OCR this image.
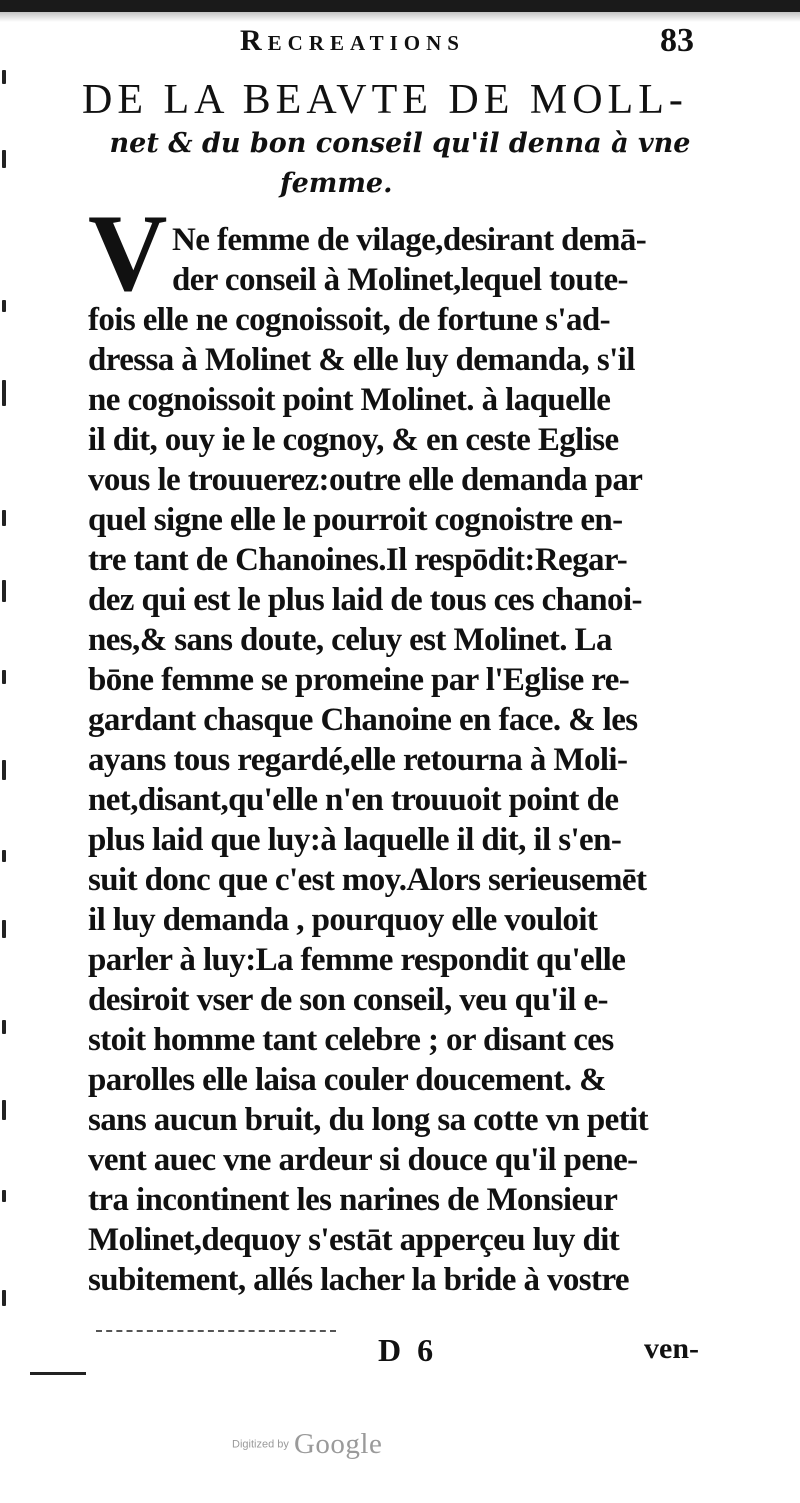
Recreations	83
DE LA BEAVTE DE MOLL-
net & du bon conseil qu'il denna à vne
femme.
V Ne femme de vilage,desirant demā-
der conseil à Molinet,lequel toute-
fois elle ne cognoissoit, de fortune s'ad-
dressa à Molinet & elle luy demanda, s'il
ne cognoissoit point Molinet. à laquelle
il dit, ouy ie le cognoy, & en ceste Eglise
vous le trouuerez:outre elle demanda par
quel signe elle le pourroit cognoistre en-
tre tant de Chanoines.Il respōdit:Regar-
dez qui est le plus laid de tous ces chanoi-
nes,& sans doute, celuy est Molinet. La
bōne femme se promeine par l'Eglise re-
gardant chasque Chanoine en face. & les
ayans tous regardé,elle retourna à Moli-
net,disant,qu'elle n'en trouuoit point de
plus laid que luy:à laquelle il dit, il s'en-
suit donc que c'est moy.Alors serieusemēt
il luy demanda , pourquoy elle vouloit
parler à luy:La femme respondit qu'elle
desiroit vser de son conseil, veu qu'il e-
stoit homme tant celebre ; or disant ces
parolles elle laisa couler doucement. &
sans aucun bruit, du long sa cotte vn petit
vent auec vne ardeur si douce qu'il pene-
tra incontinent les narines de Monsieur
Molinet,dequoy s'estāt apperçeu luy dit
subitement, allés lacher la bride à vostre
D 6	ven-
Digitized by Google
